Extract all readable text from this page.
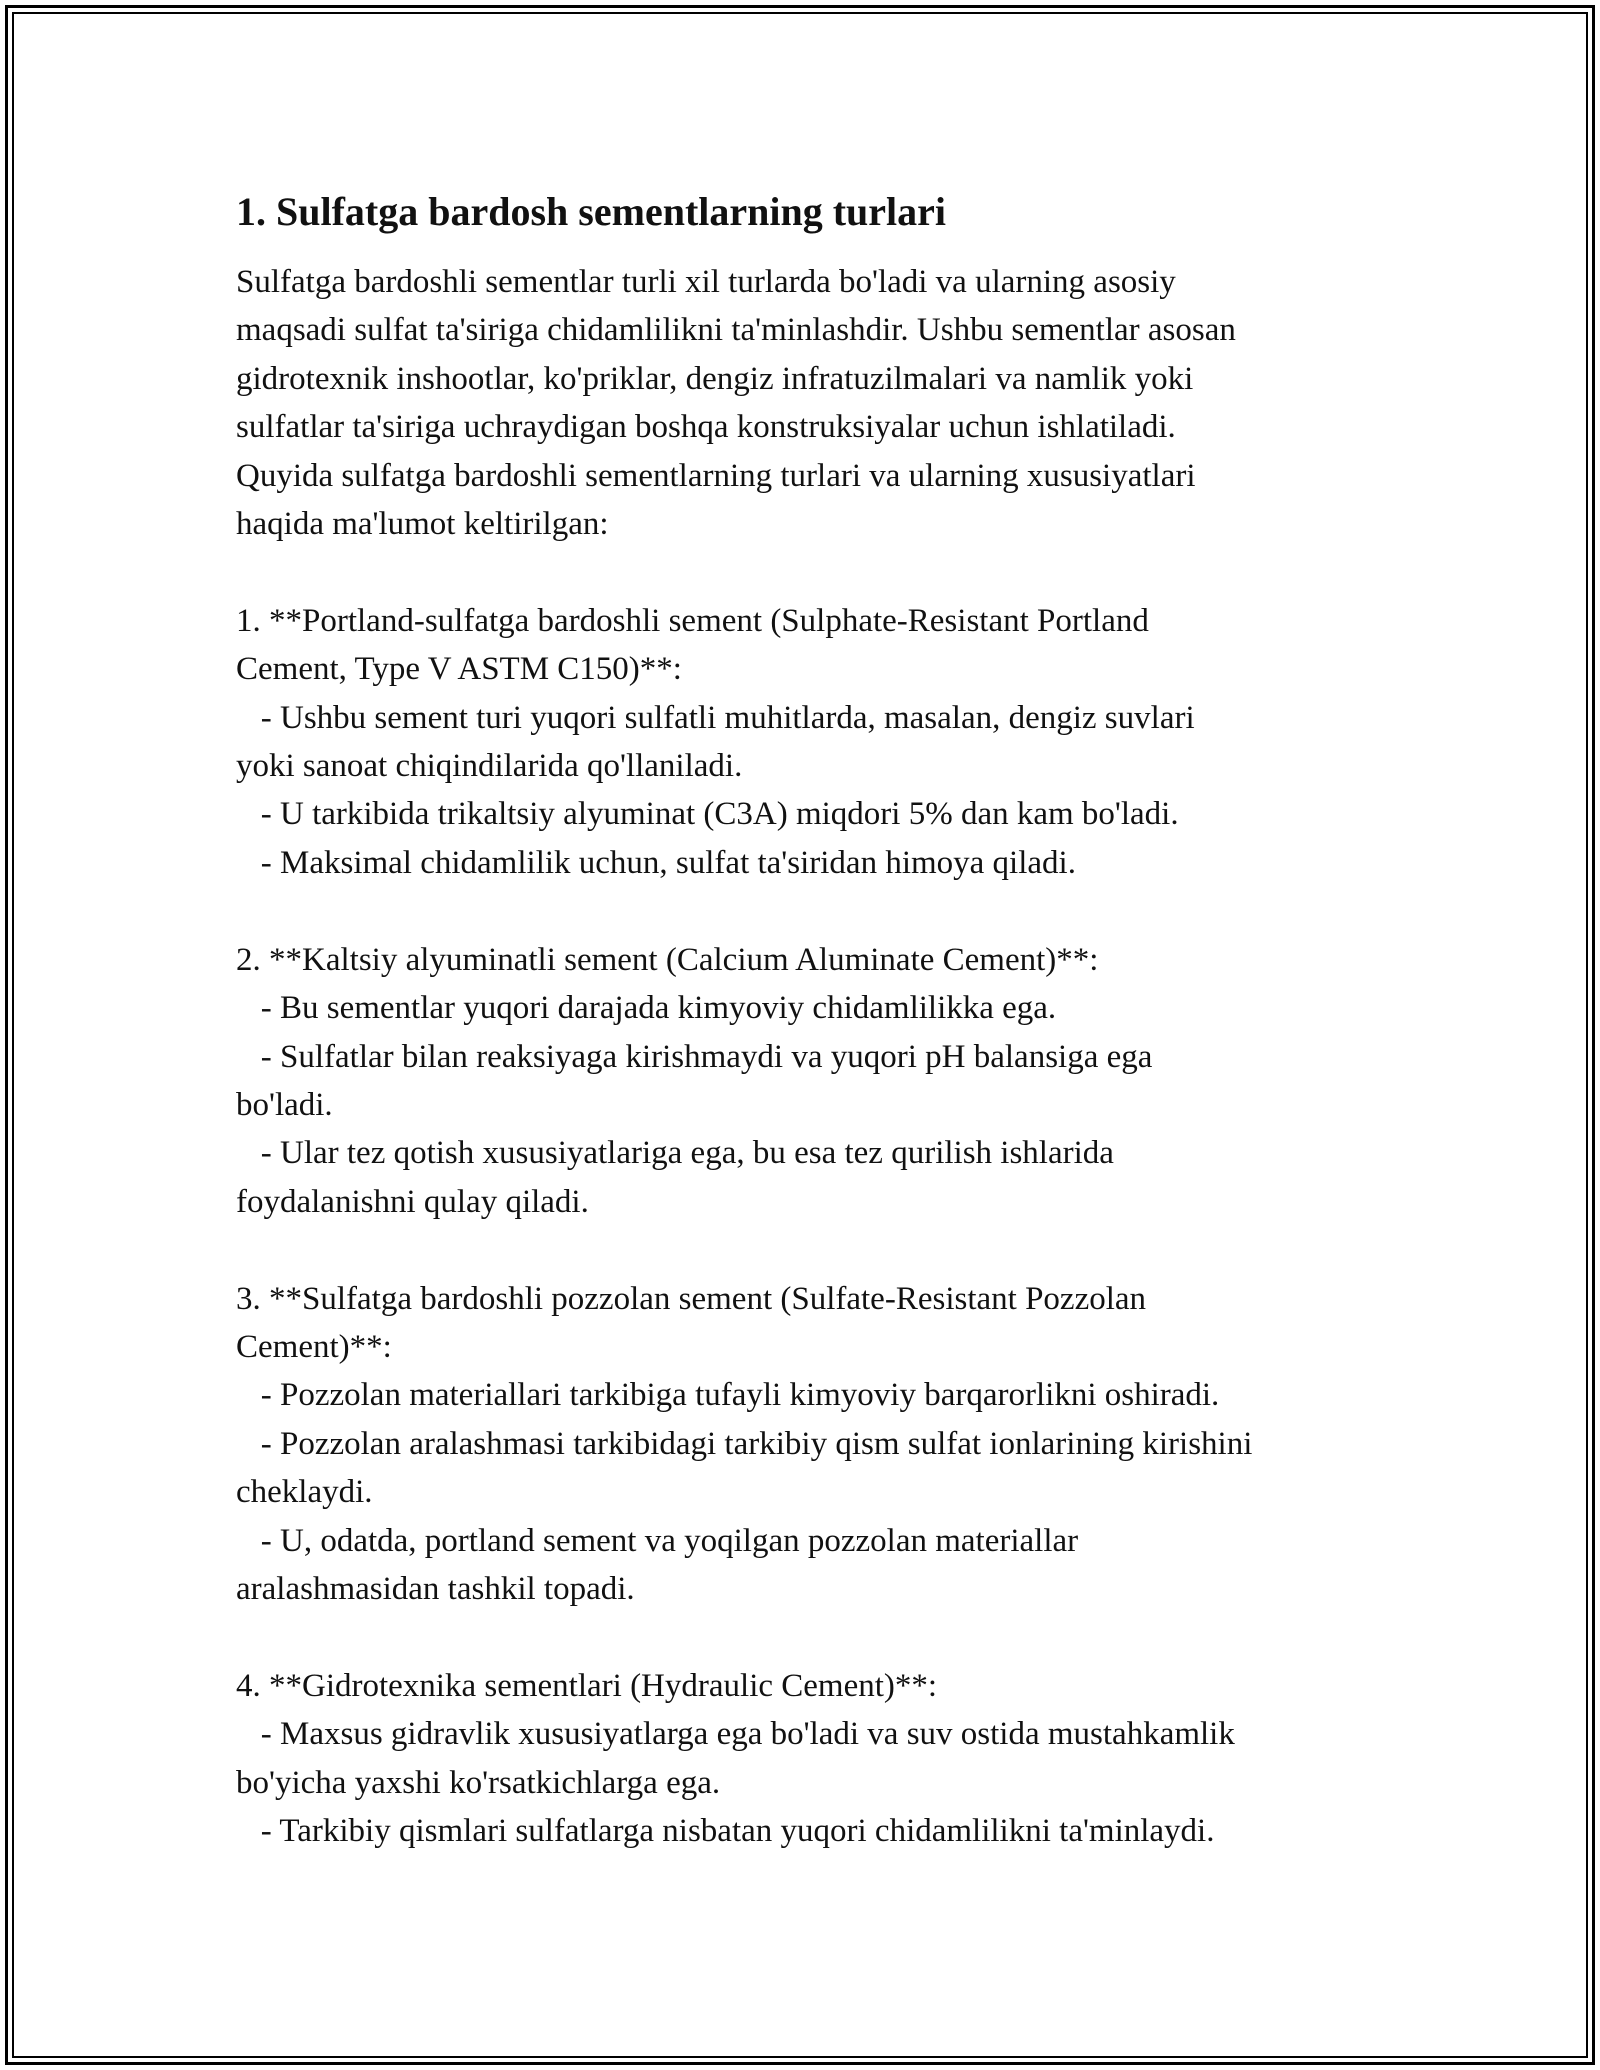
1. Sulfatga bardosh sementlarning turlari

Sulfatga bardoshli sementlar turli xil turlarda bo'ladi va ularning asosiy
maqsadi sulfat ta'siriga chidamlilikni ta'minlashdir. Ushbu sementlar asosan
gidrotexnik inshootlar, ko'priklar, dengiz infratuzilmalari va namlik yoki
sulfatlar ta'siriga uchraydigan boshqa konstruksiyalar uchun ishlatiladi.
Quyida sulfatga bardoshli sementlarning turlari va ularning xususiyatlari
haqida ma'lumot keltirilgan:

1. **Portland-sulfatga bardoshli sement (Sulphate-Resistant Portland
Cement, Type V ASTM C150)**:
- Ushbu sement turi yuqori sulfatli muhitlarda, masalan, dengiz suvlari
yoki sanoat chiqindilarida qo'llaniladi.
- U tarkibida trikaltsiy alyuminat (C3A) miqdori 5% dan kam bo'ladi.
- Maksimal chidamlilik uchun, sulfat ta'siridan himoya qiladi.

2. **Kaltsiy alyuminatli sement (Calcium Aluminate Cement)**:
- Bu sementlar yuqori darajada kimyoviy chidamlilikka ega.
- Sulfatlar bilan reaksiyaga kirishmaydi va yuqori pH balansiga ega
bo'ladi.
- Ular tez qotish xususiyatlariga ega, bu esa tez qurilish ishlarida
foydalanishni qulay qiladi.

3. **Sulfatga bardoshli pozzolan sement (Sulfate-Resistant Pozzolan
Cement)**:
- Pozzolan materiallari tarkibiga tufayli kimyoviy barqarorlikni oshiradi.
- Pozzolan aralashmasi tarkibidagi tarkibiy qism sulfat ionlarining kirishini
cheklaydi.
- U, odatda, portland sement va yoqilgan pozzolan materiallar
aralashmasidan tashkil topadi.

4. **Gidrotexnika sementlari (Hydraulic Cement)**:
- Maxsus gidravlik xususiyatlarga ega bo'ladi va suv ostida mustahkamlik
bo'yicha yaxshi ko'rsatkichlarga ega.
- Tarkibiy qismlari sulfatlarga nisbatan yuqori chidamlilikni ta'minlaydi.
